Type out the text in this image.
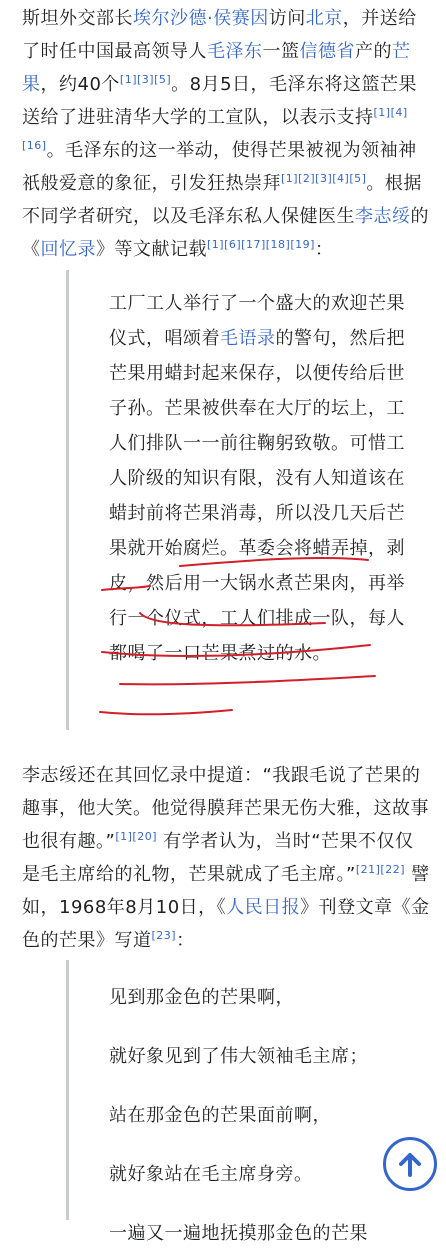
斯坦外交部长埃尔沙德·侯赛因访问北京，并送给了时任中国最高领导人毛泽东一篮信德省产的芒果，约40个[1][3][5]。8月5日，毛泽东将这篮芒果送给了进驻清华大学的工宣队，以表示支持[1][4][16]。毛泽东的这一举动，使得芒果被视为领袖神祇般爱意的象征，引发狂热崇拜[1][2][3][4][5]。根据不同学者研究，以及毛泽东私人保健医生李志绥的《回忆录》等文献记载[1][6][17][18][19]：

工厂工人举行了一个盛大的欢迎芒果仪式，唱颂着毛语录的警句，然后把芒果用蜡封起来保存，以便传给后世子孙。芒果被供奉在大厅的坛上，工人们排队一一前往鞠躬致敬。可惜工人阶级的知识有限，没有人知道该在蜡封前将芒果消毒，所以没几天后芒果就开始腐烂。革委会将蜡弄掉，剥皮，然后用一大锅水煮芒果肉，再举行一个仪式，工人们排成一队，每人都喝了一口芒果煮过的水。

李志绥还在其回忆录中提道：“我跟毛说了芒果的趣事，他大笑。他觉得膜拜芒果无伤大雅，这故事也很有趣。”[1][20] 有学者认为，当时“芒果不仅仅是毛主席给的礼物，芒果就成了毛主席。”[21][22] 譬如，1968年8月10日，《人民日报》刊登文章《金色的芒果》写道[23]：

见到那金色的芒果啊，

就好象见到了伟大领袖毛主席；

站在那金色的芒果面前啊，

就好象站在毛主席身旁。

一遍又一遍地抚摸那金色的芒果
